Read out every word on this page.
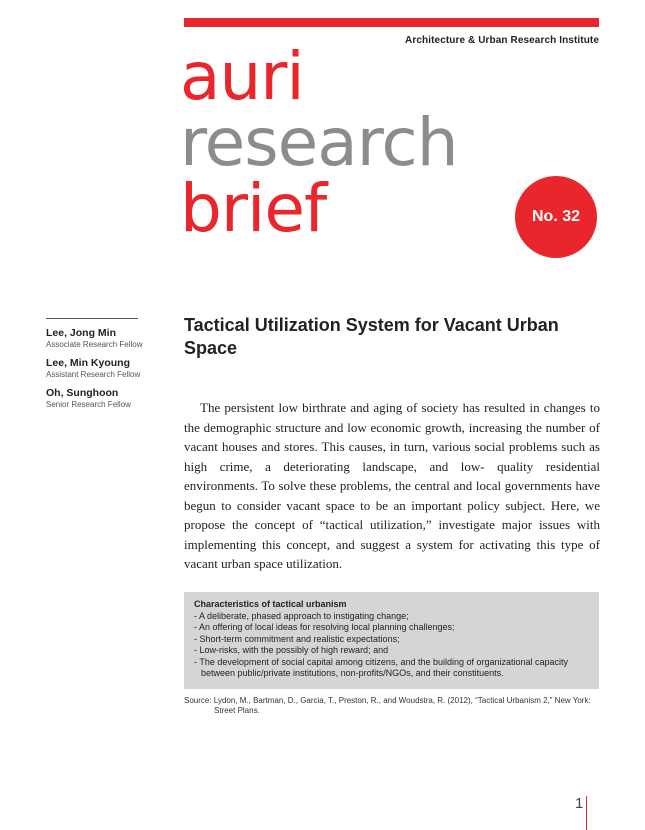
Architecture & Urban Research Institute
auri
research
brief	No. 32
Lee, Jong Min
Associate Research Fellow
Lee, Min Kyoung
Assistant Research Fellow
Oh, Sunghoon
Senior Research Fellow
Tactical Utilization System for Vacant Urban Space

The persistent low birthrate and aging of society has resulted in changes to the demographic structure and low economic growth, increasing the number of vacant houses and stores. This causes, in turn, various social problems such as high crime, a deteriorating landscape, and low- quality residential environments. To solve these problems, the central and local governments have begun to consider vacant space to be an important policy subject. Here, we propose the concept of “tactical utilization,” investigate major issues with implementing this concept, and suggest a system for activating this type of vacant urban space utilization.

Characteristics of tactical urbanism
- A deliberate, phased approach to instigating change;
- An offering of local ideas for resolving local planning challenges;
- Short-term commitment and realistic expectations;
- Low-risks, with the possibly of high reward; and
- The development of social capital among citizens, and the building of organizational capacity
between public/private institutions, non-profits/NGOs, and their constituents.
Source: Lydon, M., Bartman, D., Garcia, T., Preston, R., and Woudstra, R. (2012), “Tactical Urbanism 2,” New York: Street Plans.
1
